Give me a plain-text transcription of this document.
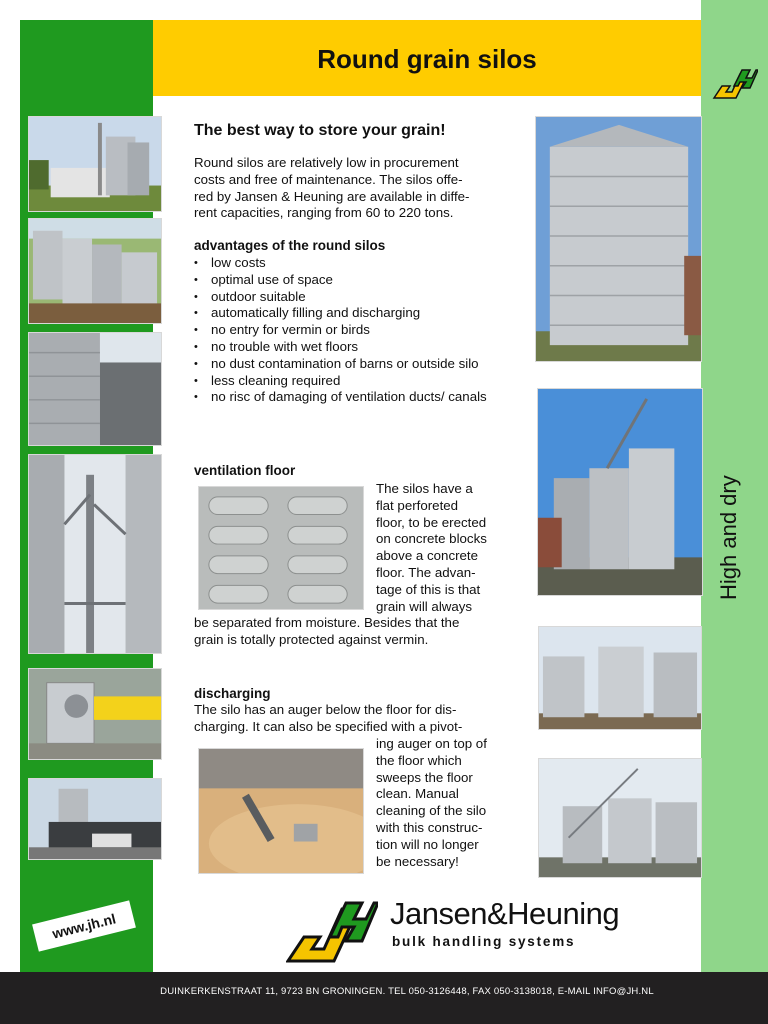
Round grain silos
High and dry
The best way to store your grain!
Round silos are relatively low in procurement
costs and free of maintenance. The silos offe-
red by Jansen & Heuning are available in diffe-
rent capacities, ranging from 60 to 220 tons.
advantages of the round silos
• low costs
• optimal use of space
• outdoor suitable
• automatically filling and discharging
• no entry for vermin or birds
• no trouble with wet floors
• no dust contamination of barns or outside silo
• less cleaning required
• no risc of damaging of ventilation ducts/ canals
ventilation floor
The silos have a
flat perforeted
floor, to be erected
on concrete blocks
above a concrete
floor. The advan-
tage of this is that
grain will always
be separated from moisture. Besides that the
grain is totally protected against vermin.
discharging
The silo has an auger below the floor for dis-
charging. It can also be specified with a pivot-
ing auger on top of
the floor which
sweeps the floor
clean. Manual
cleaning of the silo
with this construc-
tion will no longer
be necessary!
www.jh.nl	Jansen&Heuning
bulk handling systems
DUINKERKENSTRAAT 11, 9723 BN GRONINGEN. TEL 050-3126448, FAX 050-3138018, E-MAIL INFO@JH.NL
